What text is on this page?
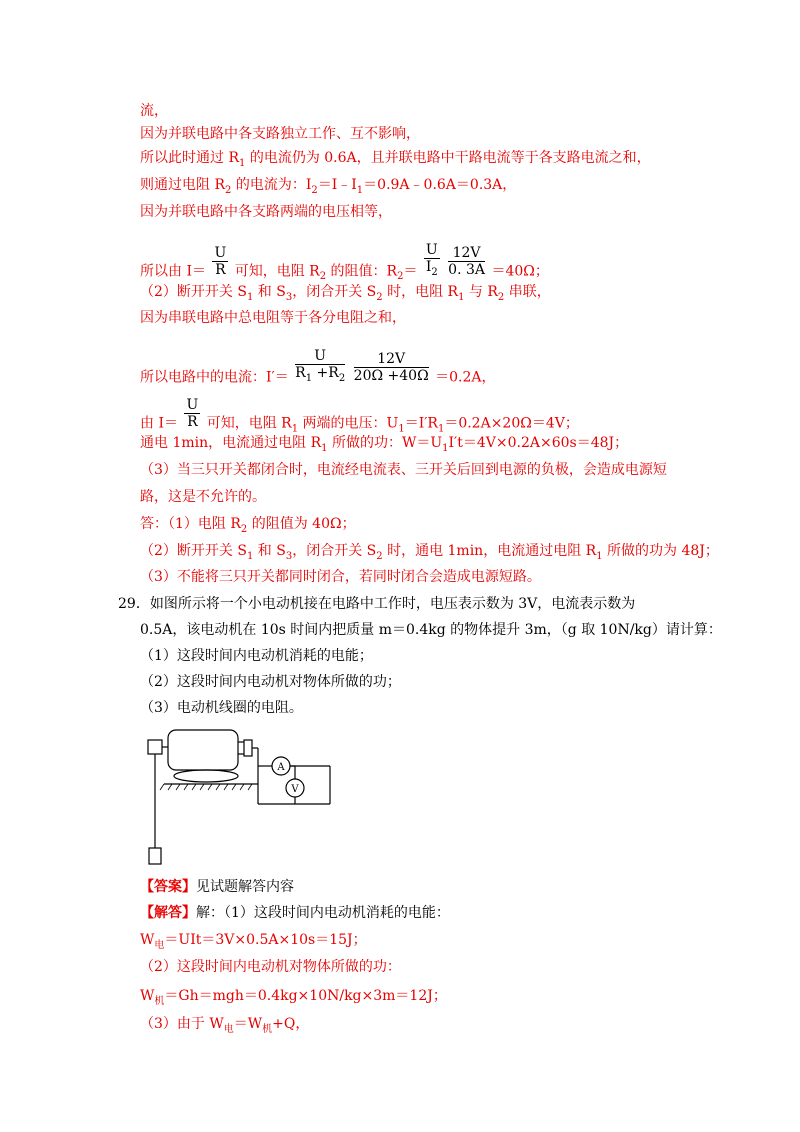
流，
因为并联电路中各支路独立工作、互不影响，
所以此时通过 $R_1$ 的电流仍为 0.6A，且并联电路中干路电流等于各支路电流之和，
则通过电阻 $R_2$ 的电流为：$I_2=I﹣I_1=0.9A﹣0.6A=0.3A$，
因为并联电路中各支路两端的电压相等，
所以由 $I= \frac{U}{R}$ 可知，电阻 $R_2$ 的阻值：$R_2= \frac{U}{I_2}$
$\frac{12V}{0. 3A} =40\Omega$；
（2）断开开关 $S_1$ 和 $S_3$，闭合开关 $S_2$ 时，电阻 $R_1$ 与 $R_2$ 串联，
因为串联电路中总电阻等于各分电阻之和，
所以电路中的电流：$I'= \frac{U}{R_1 +R_2}$
$\frac{12V}{20\Omega +40\Omega} =0.2A$，
由 $I= \frac{U}{R}$ 可知，电阻 $R_1$ 两端的电压：$U_1=I'R_1=0.2A\times 20\Omega=4V$；
通电 1min，电流通过电阻 $R_1$ 所做的功：$W=U_1I't=4V\times 0.2A\times 60s=48J$；
（3）当三只开关都闭合时，电流经电流表、三开关后回到电源的负极，会造成电源短
路，这是不允许的。
答：（1）电阻 $R_2$ 的阻值为 40Ω；
（2）断开开关 $S_1$ 和 $S_3$，闭合开关 $S_2$ 时，通电 1min，电流通过电阻 $R_1$ 所做的功为 48J；
（3）不能将三只开关都同时闭合，若同时闭合会造成电源短路。
29．如图所示将一个小电动机接在电路中工作时，电压表示数为 3V，电流表示数为
0.5A，该电动机在 10s 时间内把质量 m＝0.4kg 的物体提升 3m，（g 取 10N/kg）请计算：
（1）这段时间内电动机消耗的电能；
（2）这段时间内电动机对物体所做的功；
（3）电动机线圈的电阻。
A
V
【答案】见试题解答内容
【解答】解：（1）这段时间内电动机消耗的电能：
$W_电=UIt=3V\times 0.5A\times 10s=15J$；
（2）这段时间内电动机对物体所做的功：
$W_机=Gh=mgh=0.4kg\times 10N/kg\times 3m=12J$；
（3）由于 $W_电=W_机+Q$，
